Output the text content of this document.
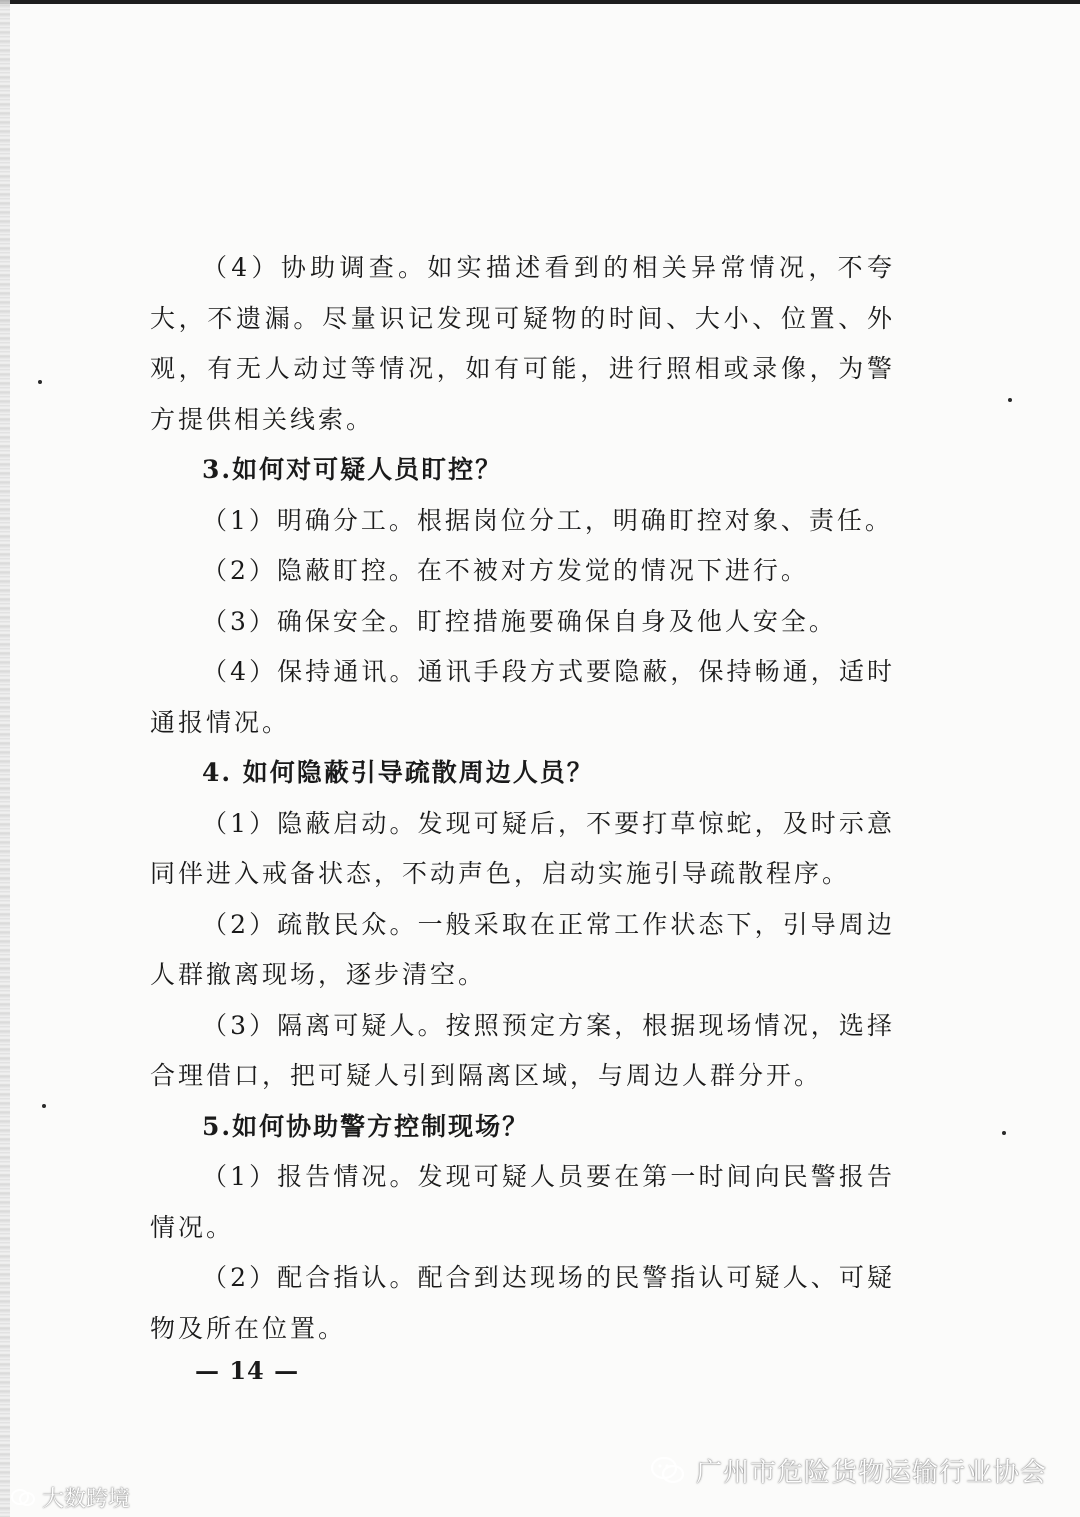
（4）协助调查。如实描述看到的相关异常情况，不夸大，不遗漏。尽量识记发现可疑物的时间、大小、位置、外观，有无人动过等情况，如有可能，进行照相或录像，为警方提供相关线索。

3.如何对可疑人员盯控？

（1）明确分工。根据岗位分工，明确盯控对象、责任。

（2）隐蔽盯控。在不被对方发觉的情况下进行。

（3）确保安全。盯控措施要确保自身及他人安全。

（4）保持通讯。通讯手段方式要隐蔽，保持畅通，适时通报情况。

4. 如何隐蔽引导疏散周边人员？

（1）隐蔽启动。发现可疑后，不要打草惊蛇，及时示意同伴进入戒备状态，不动声色，启动实施引导疏散程序。

（2）疏散民众。一般采取在正常工作状态下，引导周边人群撤离现场，逐步清空。

（3）隔离可疑人。按照预定方案，根据现场情况，选择合理借口，把可疑人引到隔离区域，与周边人群分开。

5.如何协助警方控制现场？

（1）报告情况。发现可疑人员要在第一时间向民警报告情况。

（2）配合指认。配合到达现场的民警指认可疑人、可疑物及所在位置。

— 14 —
大数跨境
广州市危险货物运输行业协会
